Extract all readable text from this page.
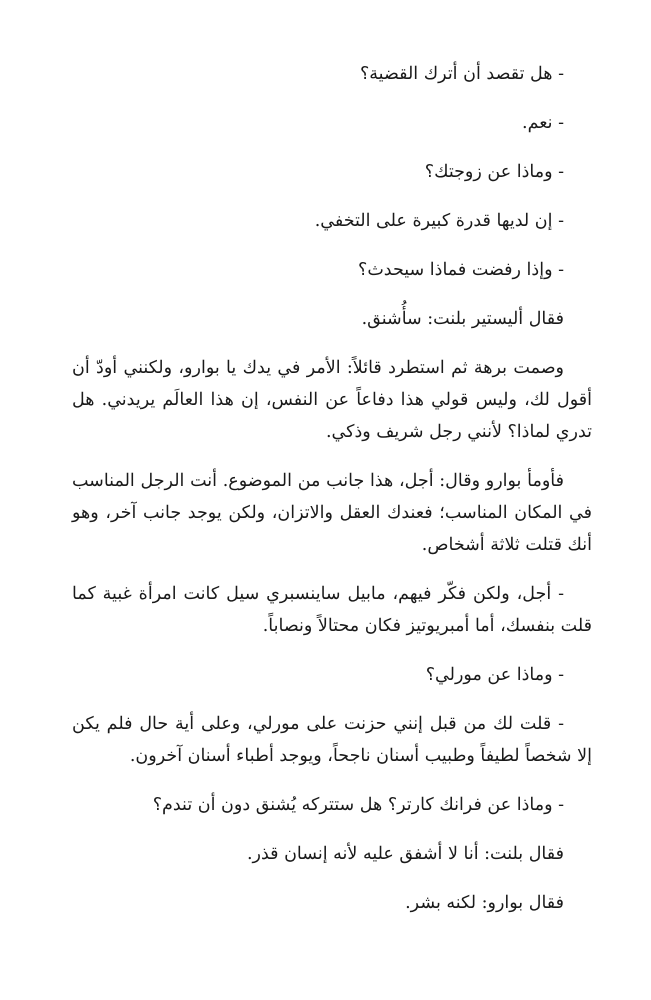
- هل تقصد أن أترك القضية؟

- نعم.

- وماذا عن زوجتك؟

- إن لديها قدرة كبيرة على التخفي.

- وإذا رفضت فماذا سيحدث؟

فقال أليستير بلنت: سأُشنق.

وصمت برهة ثم استطرد قائلاً: الأمر في يدك يا بوارو، ولكنني أودّ أن أقول لك، وليس قولي هذا دفاعاً عن النفس، إن هذا العالَم يريدني. هل تدري لماذا؟ لأنني رجل شريف وذكي.

فأومأ بوارو وقال: أجل، هذا جانب من الموضوع. أنت الرجل المناسب في المكان المناسب؛ فعندك العقل والاتزان، ولكن يوجد جانب آخر، وهو أنك قتلت ثلاثة أشخاص.

- أجل، ولكن فكّر فيهم، مابيل ساينسبري سيل كانت امرأة غبية كما قلت بنفسك، أما أمبريوتيز فكان محتالاً ونصاباً.

- وماذا عن مورلي؟

- قلت لك من قبل إنني حزنت على مورلي، وعلى أية حال فلم يكن إلا شخصاً لطيفاً وطبيب أسنان ناجحاً، ويوجد أطباء أسنان آخرون.

- وماذا عن فرانك كارتر؟ هل ستتركه يُشنق دون أن تندم؟

فقال بلنت: أنا لا أشفق عليه لأنه إنسان قذر.

فقال بوارو: لكنه بشر.
